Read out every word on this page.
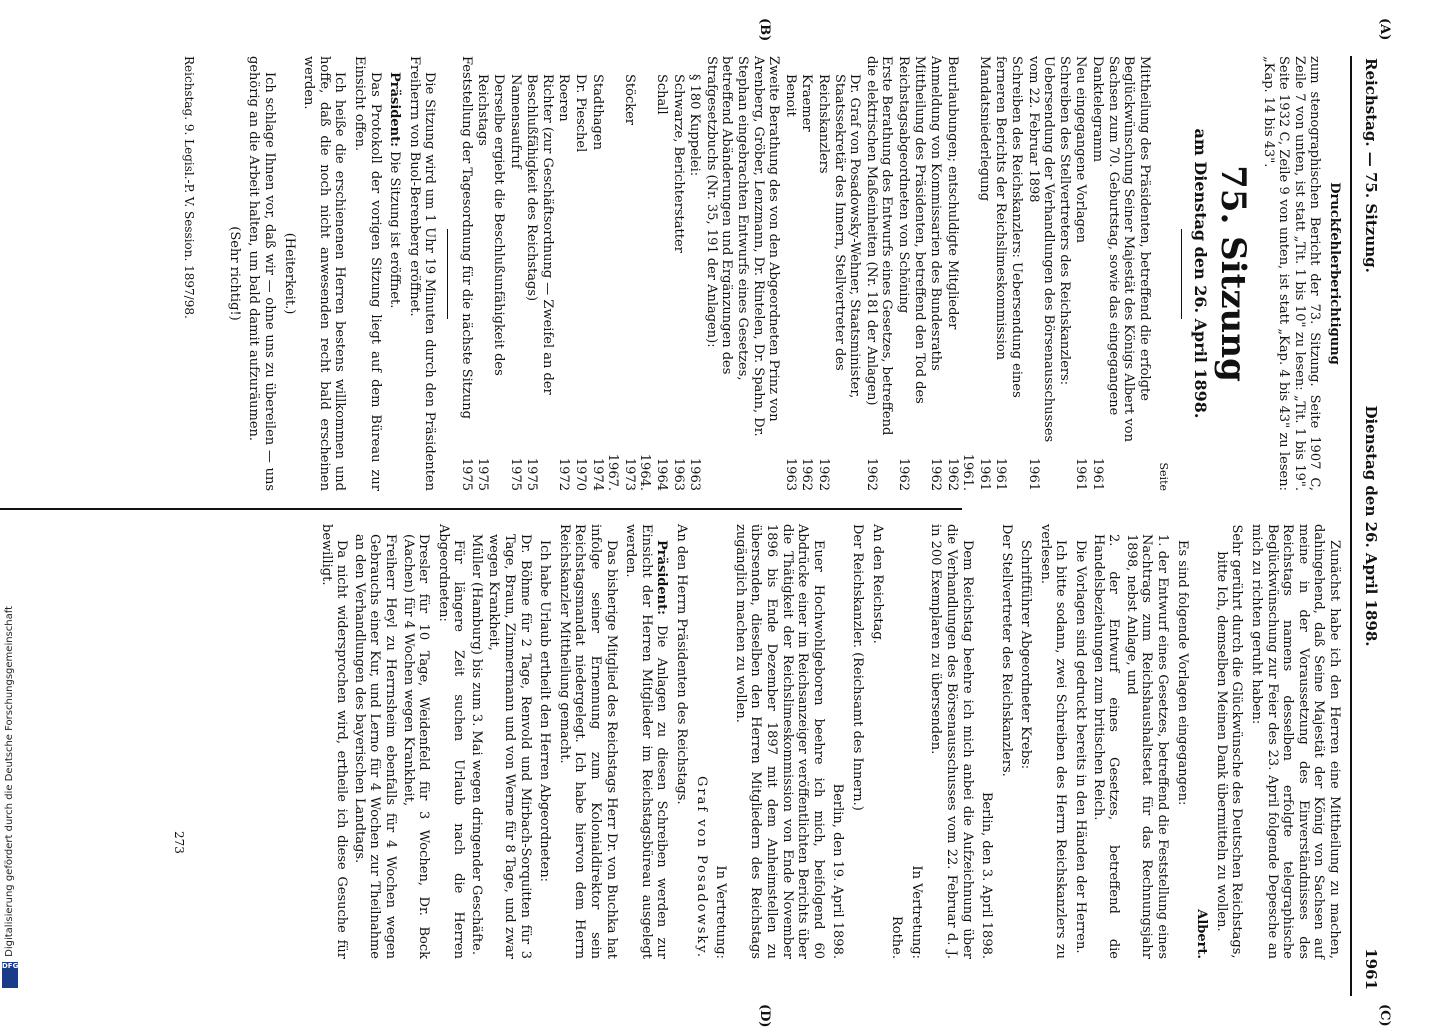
Reichstag. — 75. Sitzung.
Dienstag den 26. April 1898.
1961
(A)
(B)
(C)
(D)
Druckfehlerberichtigung
zum stenographischen Bericht der 73. Sitzung. Seite 1907 C, Zeile 7 von unten, ist statt „Tit. 1 bis 10" zu lesen: „Tit. 1 bis 19". Seite 1932 C, Zeile 9 von unten, ist statt „Kap. 4 bis 43" zu lesen: „Kap. 14 bis 43".
75. Sitzung
am Dienstag den 26. April 1898.
Seite
Mittheilung des Präsidenten, betreffend die erfolgte Beglückwünschung Seiner Majestät des Königs Albert von Sachsen zum 70. Geburtstag, sowie das eingegangene Danktelegramm
1961
Neu eingegangene Vorlagen
1961
Schreiben des Stellvertreters des Reichskanzlers: Uebersendung der Verhandlungen des Börsenausschusses vom 22. Februar 1898
1961
Schreiben des Reichskanzlers: Uebersendung eines ferneren Berichts der Reichslimeskommission
1961
Mandatsniederlegung
1961
Beurlaubungen; entschuldigte Mitglieder
1961. 1962
Anmeldung von Kommissarien des Bundesraths
1962
Mittheilung des Präsidenten, betreffend den Tod des Reichstagsabgeordneten von Schöning
1962
Erste Berathung des Entwurfs eines Gesetzes, betreffend die elektrischen Maßeinheiten (Nr. 181 der Anlagen)
1962
Dr. Graf von Posadowsky-Wehner, Staatsminister, Staatssekretär des Innern, Stellvertreter des Reichskanzlers
1962
Kraemer
1962
Benoit
1963
Zweite Berathung des von den Abgeordneten Prinz von Arenberg, Gröber, Lenzmann, Dr. Rintelen, Dr. Spahn, Dr. Stephan eingebrachten Entwurfs eines Gesetzes, betreffend Abänderungen und Ergänzungen des Strafgesetzbuchs (Nr. 35, 191 der Anlagen):
§ 180 Kuppelei:
1963
Schwarze, Berichterstatter
1963
Schall
1964
Stöcker
1964. 1973
Stadthagen
1967. 1974
Dr. Pieschel
1970
Roeren
1972
Richter (zur Geschäftsordnung — Zweifel an der Beschlußfähigkeit des Reichstags)
1975
Namensaufruf
1975
Derselbe ergiebt die Beschlußunfähigkeit des Reichstags
1975
Feststellung der Tagesordnung für die nächste Sitzung
1975
Die Sitzung wird um 1 Uhr 19 Minuten durch den Präsidenten Freiherrn von Buol-Berenberg eröffnet.
Präsident: Die Sitzung ist eröffnet.
Das Protokoll der vorigen Sitzung liegt auf dem Büreau zur Einsicht offen.
Ich heiße die erschienenen Herren bestens willkommen und hoffe, daß die noch nicht anwesenden recht bald erscheinen werden.
(Heiterkeit.)
Ich schlage Ihnen vor, daß wir — ohne uns zu übereilen — uns gehörig an die Arbeit halten, um bald damit aufzuräumen.
(Sehr richtig!)
Zunächst habe ich den Herren eine Mittheilung zu machen, dahingehend, daß Seine Majestät der König von Sachsen auf meine in der Voraussetzung des Einverständnisses des Reichstags namens desselben erfolgte telegraphische Beglückwünschung zur Feier des 23. April folgende Depesche an mich zu richten geruht haben:
Sehr gerührt durch die Glückwünsche des Deutschen Reichstags, bitte Ich, demselben Meinen Dank übermitteln zu wollen.
Albert.
Es sind folgende Vorlagen eingegangen:
1. der Entwurf eines Gesetzes, betreffend die Feststellung eines Nachtrags zum Reichshaushaltsetat für das Rechnungsjahr 1898, nebst Anlage, und
2. der Entwurf eines Gesetzes, betreffend die Handelsbeziehungen zum britischen Reich.
Die Vorlagen sind gedruckt bereits in den Händen der Herren.
Ich bitte sodann, zwei Schreiben des Herrn Reichskanzlers zu verlesen.
Schriftführer Abgeordneter Krebs:
Der Stellvertreter des Reichskanzlers.
Berlin, den 3. April 1898.
Dem Reichstag beehre ich mich anbei die Aufzeichnung über die Verhandlungen des Börsenausschusses vom 22. Februar d. J. in 200 Exemplaren zu übersenden.
In Vertretung:
Rothe.
An den Reichstag.
Der Reichskanzler. (Reichsamt des Innern.)
Berlin, den 19. April 1898.
Euer Hochwohlgeboren beehre ich mich, beifolgend 60 Abdrücke einer im Reichsanzeiger veröffentlichten Berichts über die Thätigkeit der Reichslimeskommission von Ende November 1896 bis Ende Dezember 1897 mit dem Anheimstellen zu übersenden, dieselben den Herren Mitgliedern des Reichstags zugänglich machen zu wollen.
In Vertretung:
Graf von Posadowsky.
An den Herrn Präsidenten des Reichstags.
Präsident: Die Anlagen zu diesen Schreiben werden zur Einsicht der Herren Mitglieder im Reichstagsbüreau ausgelegt werden.
Das bisherige Mitglied des Reichstags Herr Dr. von Buchka hat infolge seiner Ernennung zum Kolonialdirektor sein Reichstagsmandat niedergelegt. Ich habe hiervon dem Herrn Reichskanzler Mittheilung gemacht.
Ich habe Urlaub ertheilt den Herren Abgeordneten:
Dr. Böhme für 2 Tage, Renvold und Mirbach-Sorquitten für 3 Tage, Braun, Zimmermann und von Werne für 8 Tage, und zwar wegen Krankheit,
Müller (Hamburg) bis zum 3. Mai wegen dringender Geschäfte.
Für längere Zeit suchen Urlaub nach die Herren Abgeordneten:
Dresler für 10 Tage, Weidenfeld für 3 Wochen, Dr. Bock (Aachen) für 4 Wochen wegen Krankheit,
Freiherr Heyl zu Herrnsheim ebenfalls für 4 Wochen wegen Gebrauchs einer Kur, und Lerno für 4 Wochen zur Theilnahme an den Verhandlungen des bayerischen Landtags.
Da nicht widersprochen wird, ertheile ich diese Gesuche für bewilligt.
Reichstag. 9. Legisl.-P. V. Session. 1897/98.
273
Digitalisierung gefördert durch die Deutsche Forschungsgemeinschaft
DFG
